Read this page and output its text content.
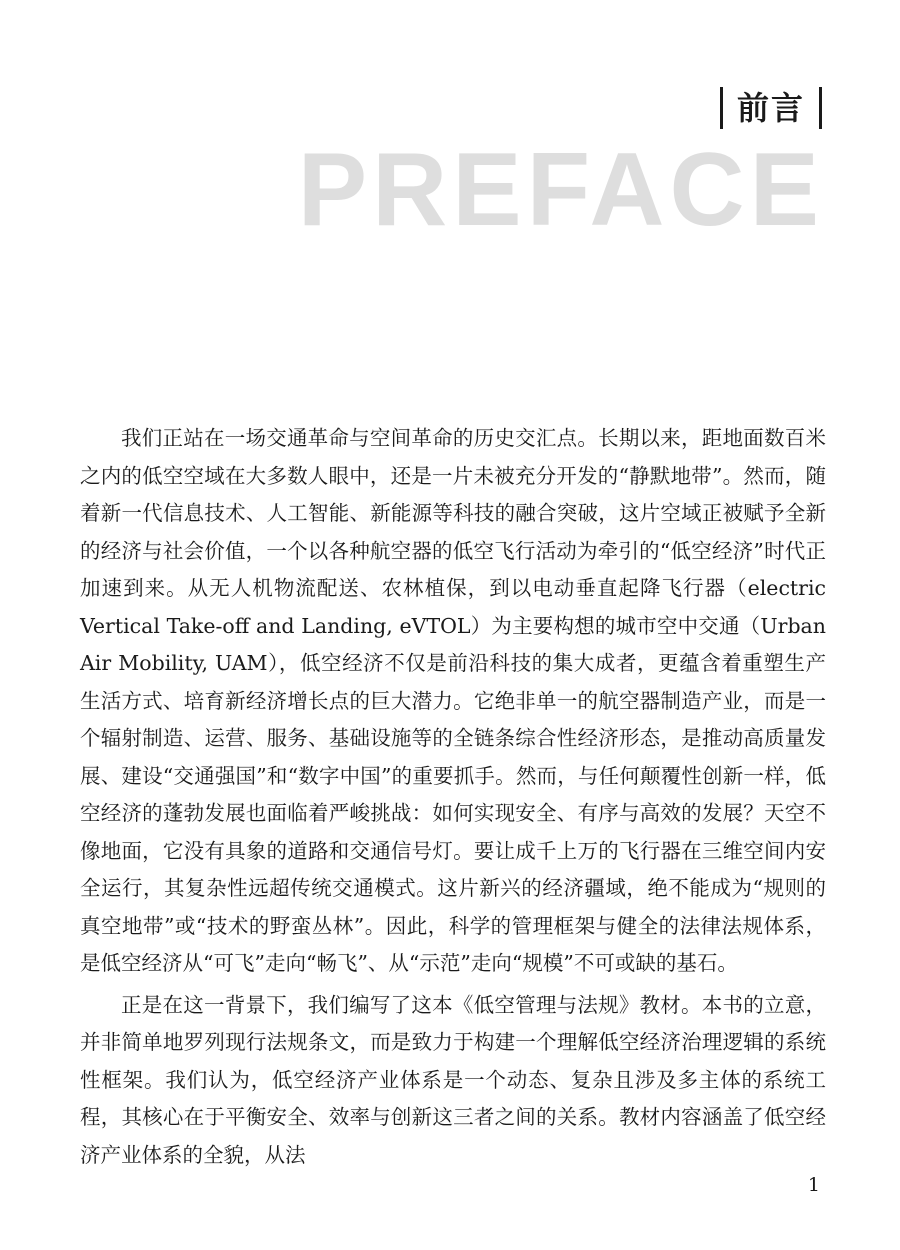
前言
PREFACE

我们正站在一场交通革命与空间革命的历史交汇点。长期以来，距地面数百米之内的低空空域在大多数人眼中，还是一片未被充分开发的“静默地带”。然而，随着新一代信息技术、人工智能、新能源等科技的融合突破，这片空域正被赋予全新的经济与社会价值，一个以各种航空器的低空飞行活动为牵引的“低空经济”时代正加速到来。从无人机物流配送、农林植保，到以电动垂直起降飞行器（electric Vertical Take-off and Landing, eVTOL）为主要构想的城市空中交通（Urban Air Mobility, UAM），低空经济不仅是前沿科技的集大成者，更蕴含着重塑生产生活方式、培育新经济增长点的巨大潜力。它绝非单一的航空器制造产业，而是一个辐射制造、运营、服务、基础设施等的全链条综合性经济形态，是推动高质量发展、建设“交通强国”和“数字中国”的重要抓手。然而，与任何颠覆性创新一样，低空经济的蓬勃发展也面临着严峻挑战：如何实现安全、有序与高效的发展？天空不像地面，它没有具象的道路和交通信号灯。要让成千上万的飞行器在三维空间内安全运行，其复杂性远超传统交通模式。这片新兴的经济疆域，绝不能成为“规则的真空地带”或“技术的野蛮丛林”。因此，科学的管理框架与健全的法律法规体系，是低空经济从“可飞”走向“畅飞”、从“示范”走向“规模”不可或缺的基石。

正是在这一背景下，我们编写了这本《低空管理与法规》教材。本书的立意，并非简单地罗列现行法规条文，而是致力于构建一个理解低空经济治理逻辑的系统性框架。我们认为，低空经济产业体系是一个动态、复杂且涉及多主体的系统工程，其核心在于平衡安全、效率与创新这三者之间的关系。教材内容涵盖了低空经济产业体系的全貌，从法

1
